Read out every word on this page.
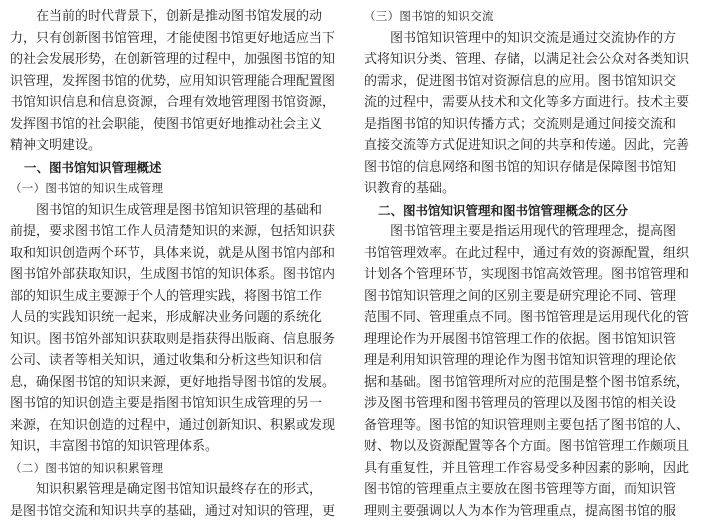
　　在当前的时代背景下，创新是推动图书馆发展的动
力，只有创新图书馆管理，才能使图书馆更好地适应当下
的社会发展形势，在创新管理的过程中，加强图书馆的知
识管理，发挥图书馆的优势，应用知识管理能合理配置图
书馆知识信息和信息资源，合理有效地管理图书馆资源，
发挥图书馆的社会职能，使图书馆更好地推动社会主义
精神文明建设。
一、图书馆知识管理概述
（一）图书馆的知识生成管理
　　图书馆的知识生成管理是图书馆知识管理的基础和
前提，要求图书馆工作人员清楚知识的来源，包括知识获
取和知识创造两个环节，具体来说，就是从图书馆内部和
图书馆外部获取知识，生成图书馆的知识体系。图书馆内
部的知识生成主要源于个人的管理实践，将图书馆工作
人员的实践知识统一起来，形成解决业务问题的系统化
知识。图书馆外部知识获取则是指获得出版商、信息服务
公司、读者等相关知识，通过收集和分析这些知识和信
息，确保图书馆的知识来源，更好地指导图书馆的发展。
图书馆的知识创造主要是指图书馆知识生成管理的另一
来源，在知识创造的过程中，通过创新知识、积累或发现
知识，丰富图书馆的知识管理体系。
（二）图书馆的知识积累管理
　　知识积累管理是确定图书馆知识最终存在的形式，
是图书馆交流和知识共享的基础，通过对知识的管理，更
（三）图书馆的知识交流
　　图书馆知识管理中的知识交流是通过交流协作的方
式将知识分类、管理、存储，以满足社会公众对各类知识
的需求，促进图书馆对资源信息的应用。图书馆知识交
流的过程中，需要从技术和文化等多方面进行。技术主要
是指图书馆的知识传播方式；交流则是通过间接交流和
直接交流等方式促进知识之间的共享和传递。因此，完善
图书馆的信息网络和图书馆的知识存储是保障图书馆知
识教育的基础。
二、图书馆知识管理和图书馆管理概念的区分
　　图书馆管理主要是指运用现代的管理理念，提高图
书馆管理效率。在此过程中，通过有效的资源配置，组织
计划各个管理环节，实现图书馆高效管理。图书馆管理和
图书馆知识管理之间的区别主要是研究理论不同、管理
范围不同、管理重点不同。图书馆管理是运用现代化的管
理理论作为开展图书馆管理工作的依据。图书馆知识管
理是利用知识管理的理论作为图书馆知识管理的理论依
据和基础。图书馆管理所对应的范围是整个图书馆系统，
涉及图书管理和图书管理员的管理以及图书馆的相关设
备管理等。图书馆的知识管理则主要包括了图书馆的人、
财、物以及资源配置等各个方面。图书馆管理工作颇项且
具有重复性，并且管理工作容易受多种因素的影响，因此
图书馆的管理重点主要放在图书管理等方面，而知识管
理则主要强调以人为本作为管理重点，提高图书馆的服
